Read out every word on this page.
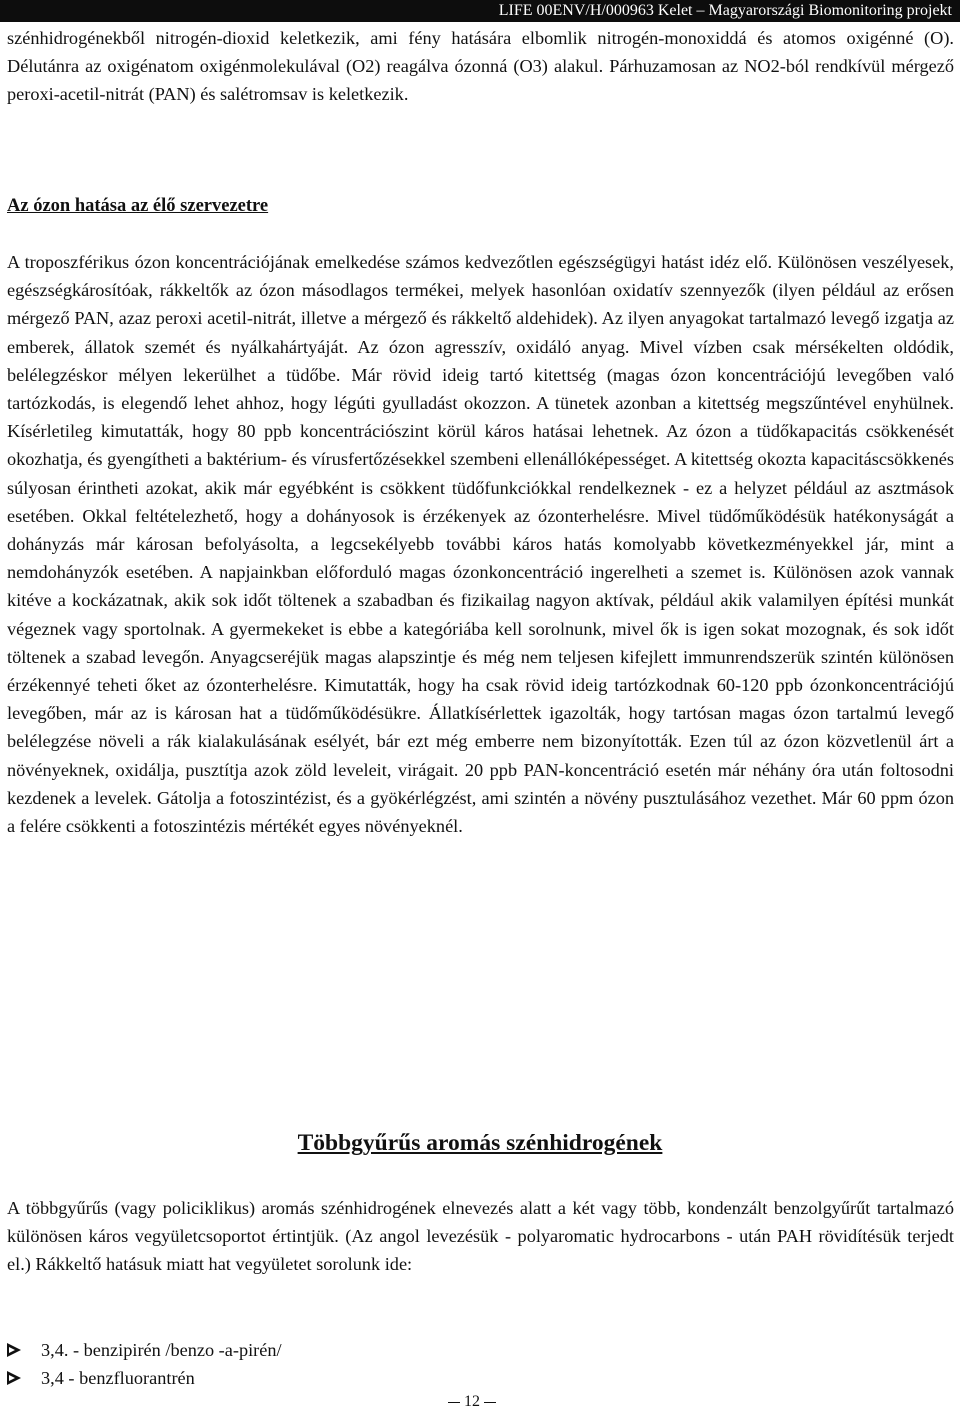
LIFE 00ENV/H/000963 Kelet – Magyarországi Biomonitoring projekt

szénhidrogénekből nitrogén-dioxid keletkezik, ami fény hatására elbomlik nitrogén-monoxiddá és atomos oxigénné (O). Délutánra az oxigénatom oxigénmolekulával (O2) reagálva ózonná (O3) alakul. Párhuzamosan az NO2-ból rendkívül mérgező peroxi-acetil-nitrát (PAN) és salétromsav is keletkezik.

Az ózon hatása az élő szervezetre

A troposzférikus ózon koncentrációjának emelkedése számos kedvezőtlen egészségügyi hatást idéz elő. Különösen veszélyesek, egészségkárosítóak, rákkeltők az ózon másodlagos termékei, melyek hasonlóan oxidatív szennyezők (ilyen például az erősen mérgező PAN, azaz peroxi acetil-nitrát, illetve a mérgező és rákkeltő aldehidek). Az ilyen anyagokat tartalmazó levegő izgatja az emberek, állatok szemét és nyálkahártyáját. Az ózon agresszív, oxidáló anyag. Mivel vízben csak mérsékelten oldódik, belélegzéskor mélyen lekerülhet a tüdőbe. Már rövid ideig tartó kitettség (magas ózon koncentrációjú levegőben való tartózkodás, is elegendő lehet ahhoz, hogy légúti gyulladást okozzon. A tünetek azonban a kitettség megszűntével enyhülnek. Kísérletileg kimutatták, hogy 80 ppb koncentrációszint körül káros hatásai lehetnek. Az ózon a tüdőkapacitás csökkenését okozhatja, és gyengítheti a baktérium- és vírusfertőzésekkel szembeni ellenállóképességet. A kitettség okozta kapacitáscsökkenés súlyosan érintheti azokat, akik már egyébként is csökkent tüdőfunkciókkal rendelkeznek - ez a helyzet például az asztmások esetében. Okkal feltételezhető, hogy a dohányosok is érzékenyek az ózonterhelésre. Mivel tüdőműködésük hatékonyságát a dohányzás már károsan befolyásolta, a legcsekélyebb további káros hatás komolyabb következményekkel jár, mint a nemdohányzók esetében. A napjainkban előforduló magas ózonkoncentráció ingerelheti a szemet is. Különösen azok vannak kitéve a kockázatnak, akik sok időt töltenek a szabadban és fizikailag nagyon aktívak, például akik valamilyen építési munkát végeznek vagy sportolnak. A gyermekeket is ebbe a kategóriába kell sorolnunk, mivel ők is igen sokat mozognak, és sok időt töltenek a szabad levegőn. Anyagcseréjük magas alapszintje és még nem teljesen kifejlett immunrendszerük szintén különösen érzékennyé teheti őket az ózonterhelésre. Kimutatták, hogy ha csak rövid ideig tartózkodnak 60-120 ppb ózonkoncentrációjú levegőben, már az is károsan hat a tüdőműködésükre. Állatkísérlettek igazolták, hogy tartósan magas ózon tartalmú levegő belélegzése növeli a rák kialakulásának esélyét, bár ezt még emberre nem bizonyították. Ezen túl az ózon közvetlenül árt a növényeknek, oxidálja, pusztítja azok zöld leveleit, virágait. 20 ppb PAN-koncentráció esetén már néhány óra után foltosodni kezdenek a levelek. Gátolja a fotoszintézist, és a gyökérlégzést, ami szintén a növény pusztulásához vezethet. Már 60 ppm ózon a felére csökkenti a fotoszintézis mértékét egyes növényeknél.

Többgyűrűs aromás szénhidrogének

A többgyűrűs (vagy policiklikus) aromás szénhidrogének elnevezés alatt a két vagy több, kondenzált benzolgyűrűt tartalmazó különösen káros vegyületcsoportot értintjük. (Az angol levezésük - polyaromatic hydrocarbons - után PAH rövidítésük terjedt el.) Rákkeltő hatásuk miatt hat vegyületet sorolunk ide:

3,4. - benzipirén /benzo -a-pirén/
3,4 - benzfluorantrén
12
